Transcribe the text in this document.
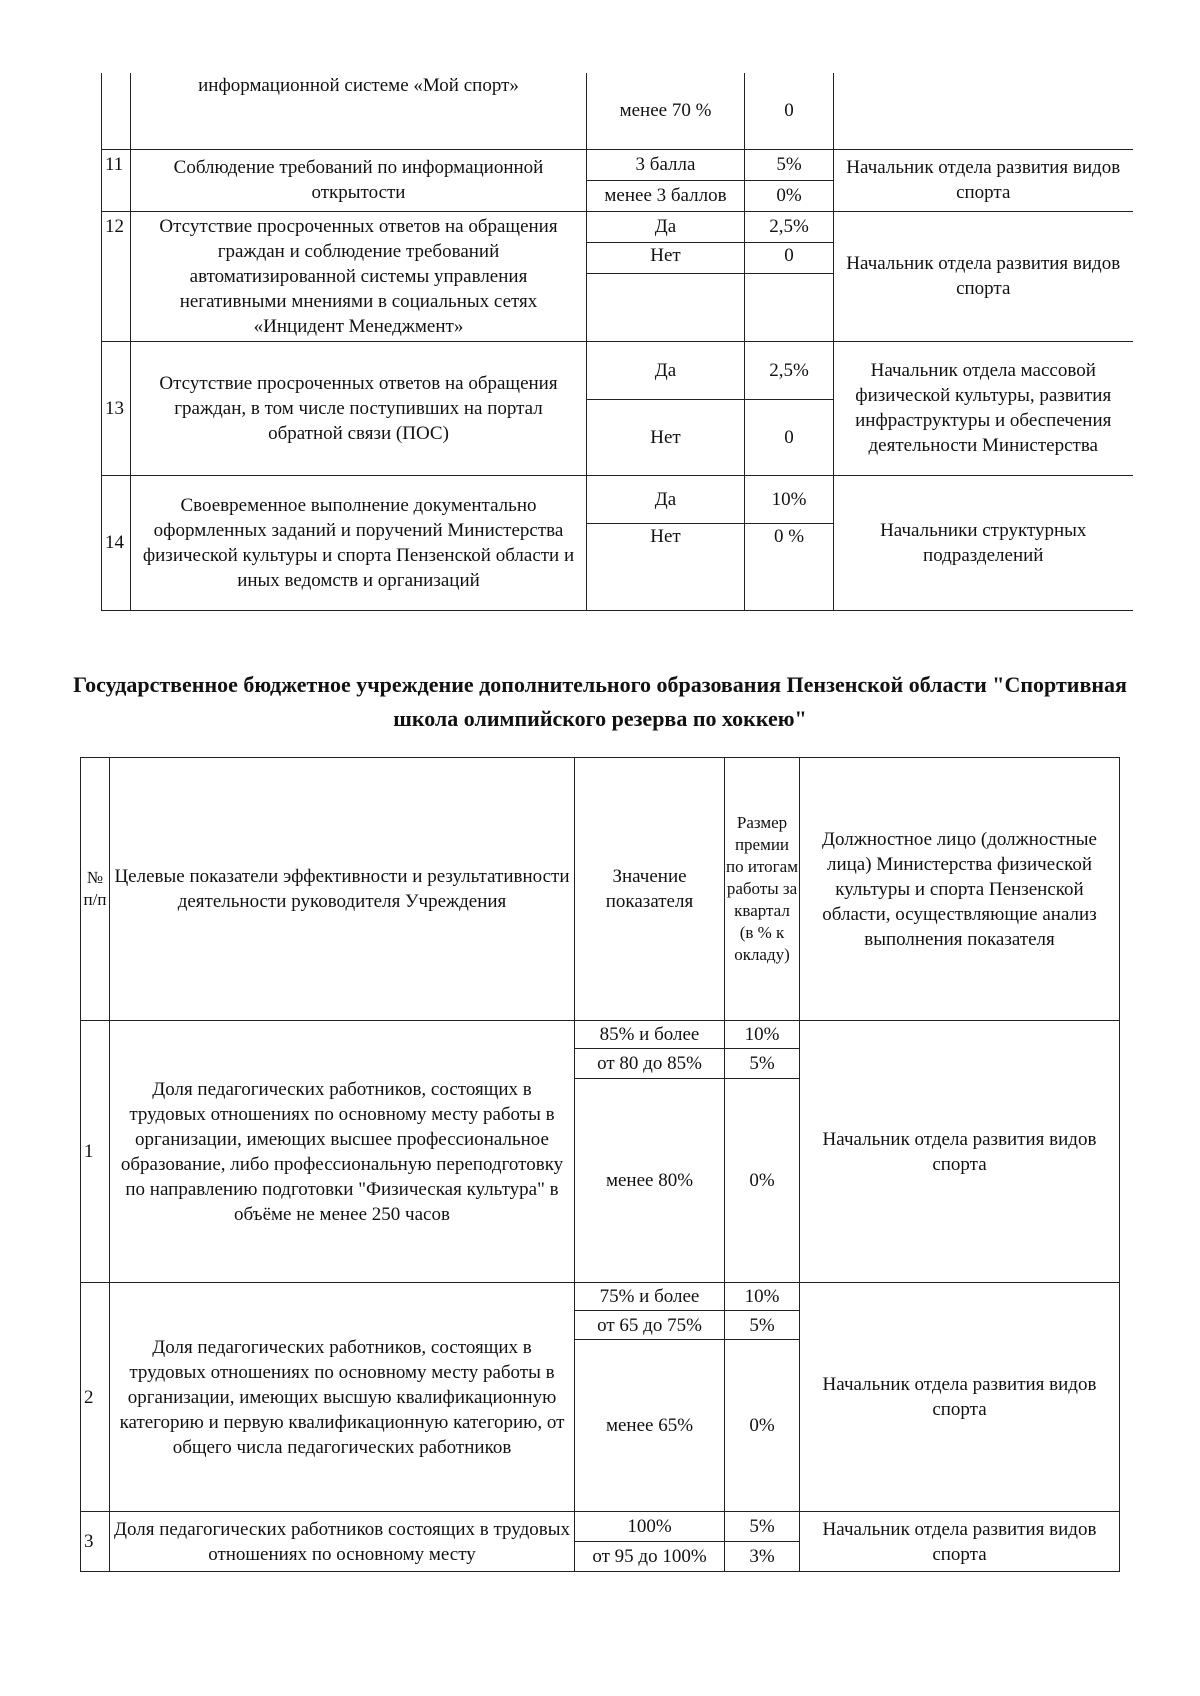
	информационной системе «Мой спорт»	менее 70 %	0	
11	Соблюдение требований по информационной открытости	3 балла	5%	Начальник отдела развития видов спорта
		менее 3 баллов	0%	
12	Отсутствие просроченных ответов на обращения граждан и соблюдение требований автоматизированной системы управления негативными мнениями в социальных сетях «Инцидент Менеджмент»	Да	2,5%	Начальник отдела развития видов спорта
		Нет	0	

13	Отсутствие просроченных ответов на обращения граждан, в том числе поступивших на портал обратной связи (ПОС)	Да	2,5%	Начальник отдела массовой физической культуры, развития инфраструктуры и обеспечения деятельности Министерства
		Нет	0	
14	Своевременное выполнение документально оформленных заданий и поручений Министерства физической культуры и спорта Пензенской области и иных ведомств и организаций	Да	10%	Начальники структурных подразделений
		Нет	0 %	
Государственное бюджетное учреждение дополнительного образования Пензенской области "Спортивная школа олимпийского резерва по хоккею"
№ п/п	Целевые показатели эффективности и результативности деятельности руководителя Учреждения	Значение показателя	Размер премии по итогам работы за квартал (в % к окладу)	Должностное лицо (должностные лица) Министерства физической культуры и спорта Пензенской области, осуществляющие анализ выполнения показателя
1	Доля педагогических работников, состоящих в трудовых отношениях по основному месту работы в организации, имеющих высшее профессиональное образование, либо профессиональную переподготовку по направлению подготовки "Физическая культура" в объёме не менее 250 часов	85% и более	10%	Начальник отдела развития видов спорта
		от 80 до 85%	5%	
		менее 80%	0%	
2	Доля педагогических работников, состоящих в трудовых отношениях по основному месту работы в организации, имеющих высшую квалификационную категорию и первую квалификационную категорию, от общего числа педагогических работников	75% и более	10%	Начальник отдела развития видов спорта
		от 65 до 75%	5%	
		менее 65%	0%	
3	Доля педагогических работников состоящих в трудовых отношениях по основному месту	100%	5%	Начальник отдела развития видов спорта
		от 95 до 100%	3%	
